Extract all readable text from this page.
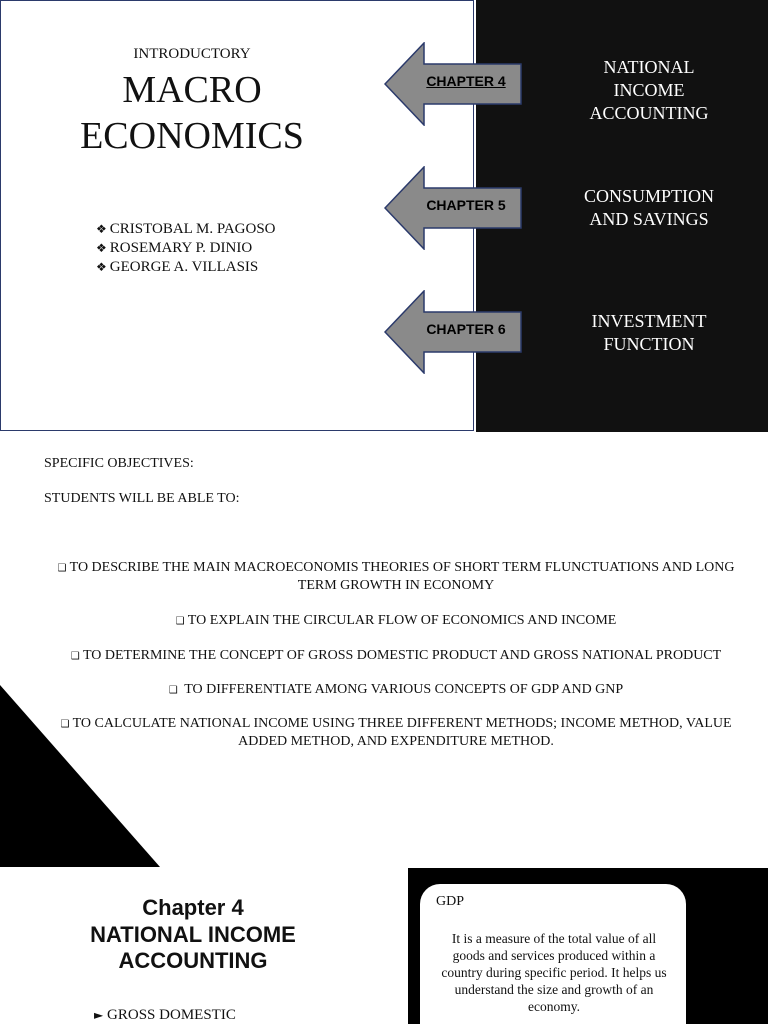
INTRODUCTORY
MACRO
ECONOMICS
❖ CRISTOBAL M. PAGOSO
❖ ROSEMARY P. DINIO
❖ GEORGE A. VILLASIS
CHAPTER 4
CHAPTER 5
CHAPTER 6
NATIONAL
INCOME
ACCOUNTING
CONSUMPTION
AND SAVINGS
INVESTMENT
FUNCTION
SPECIFIC OBJECTIVES:
STUDENTS WILL BE ABLE TO:
❑ TO DESCRIBE THE MAIN MACROECONOMIS THEORIES OF SHORT TERM FLUNCTUATIONS AND LONG TERM GROWTH IN ECONOMY
❑ TO EXPLAIN THE CIRCULAR FLOW OF ECONOMICS AND INCOME
❑ TO DETERMINE THE CONCEPT OF GROSS DOMESTIC PRODUCT AND GROSS NATIONAL PRODUCT
❑  TO DIFFERENTIATE AMONG VARIOUS CONCEPTS OF GDP AND GNP
❑ TO CALCULATE NATIONAL INCOME USING THREE DIFFERENT METHODS; INCOME METHOD, VALUE ADDED METHOD, AND EXPENDITURE METHOD.
Chapter 4
NATIONAL INCOME
ACCOUNTING
► GROSS DOMESTIC
GDP
It is a measure of the total value of all goods and services produced within a country during specific period. It helps us understand the size and growth of an economy.
